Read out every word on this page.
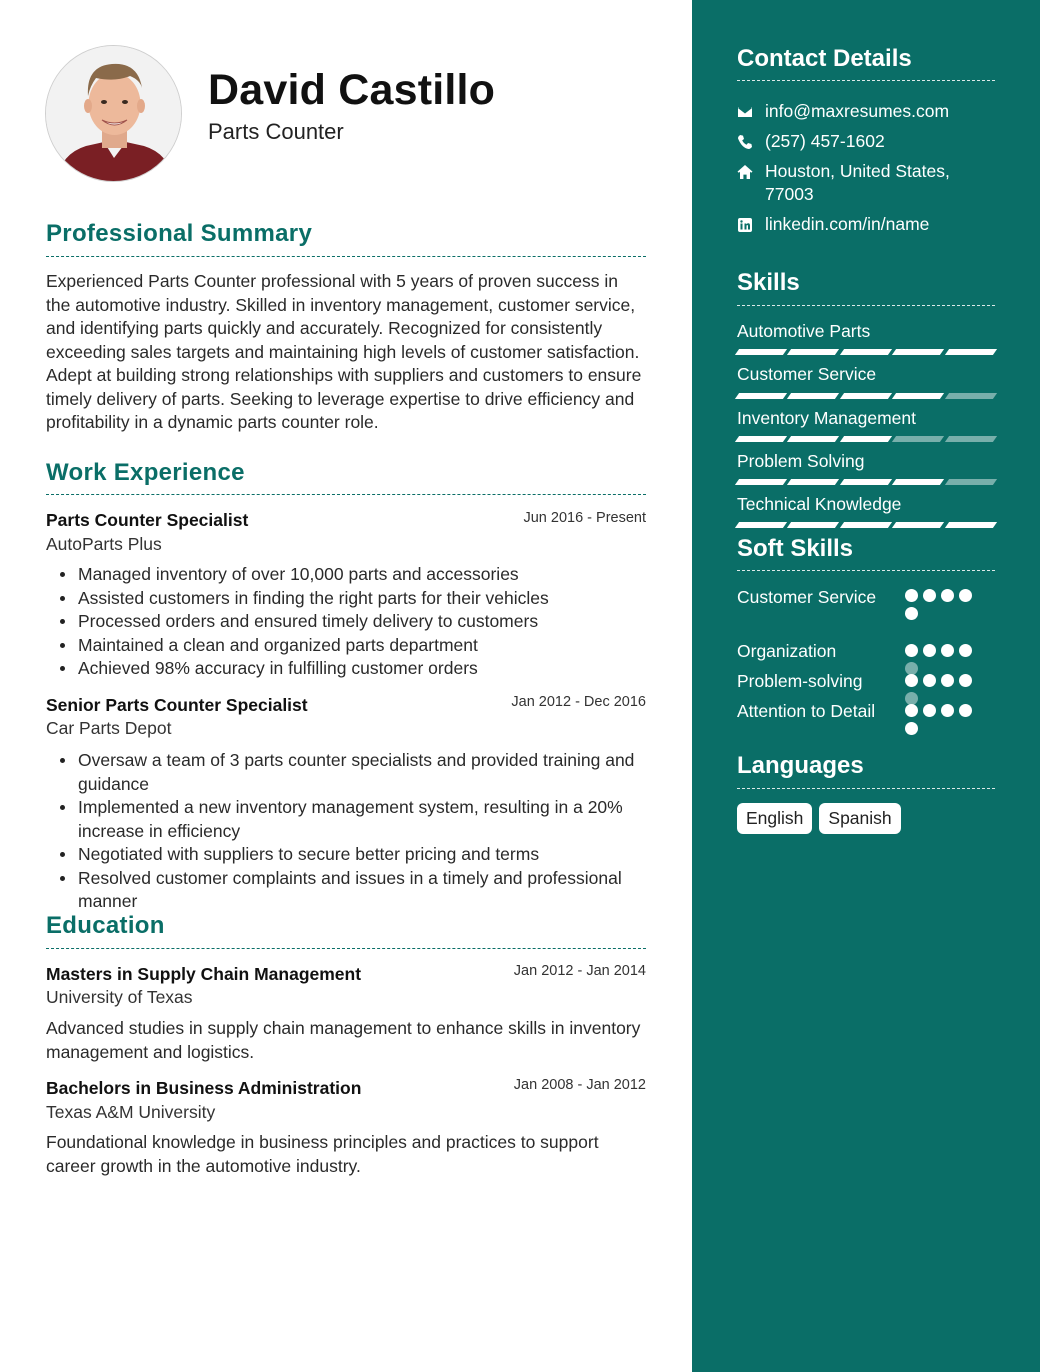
David Castillo
Parts Counter
Professional Summary
Experienced Parts Counter professional with 5 years of proven success in the automotive industry. Skilled in inventory management, customer service, and identifying parts quickly and accurately. Recognized for consistently exceeding sales targets and maintaining high levels of customer satisfaction. Adept at building strong relationships with suppliers and customers to ensure timely delivery of parts. Seeking to leverage expertise to drive efficiency and profitability in a dynamic parts counter role.
Work Experience
Parts Counter Specialist	Jun 2016 - Present
AutoParts Plus
Managed inventory of over 10,000 parts and accessories
Assisted customers in finding the right parts for their vehicles
Processed orders and ensured timely delivery to customers
Maintained a clean and organized parts department
Achieved 98% accuracy in fulfilling customer orders
Senior Parts Counter Specialist	Jan 2012 - Dec 2016
Car Parts Depot
Oversaw a team of 3 parts counter specialists and provided training and guidance
Implemented a new inventory management system, resulting in a 20% increase in efficiency
Negotiated with suppliers to secure better pricing and terms
Resolved customer complaints and issues in a timely and professional manner
Education
Masters in Supply Chain Management	Jan 2012 - Jan 2014
University of Texas
Advanced studies in supply chain management to enhance skills in inventory management and logistics.
Bachelors in Business Administration	Jan 2008 - Jan 2012
Texas A&M University
Foundational knowledge in business principles and practices to support career growth in the automotive industry.
Contact Details
info@maxresumes.com
(257) 457-1602
Houston, United States, 77003
linkedin.com/in/name
Skills
Automotive Parts
Customer Service
Inventory Management
Problem Solving
Technical Knowledge
Soft Skills
Customer Service
Organization
Problem-solving
Attention to Detail
Languages
English	Spanish
